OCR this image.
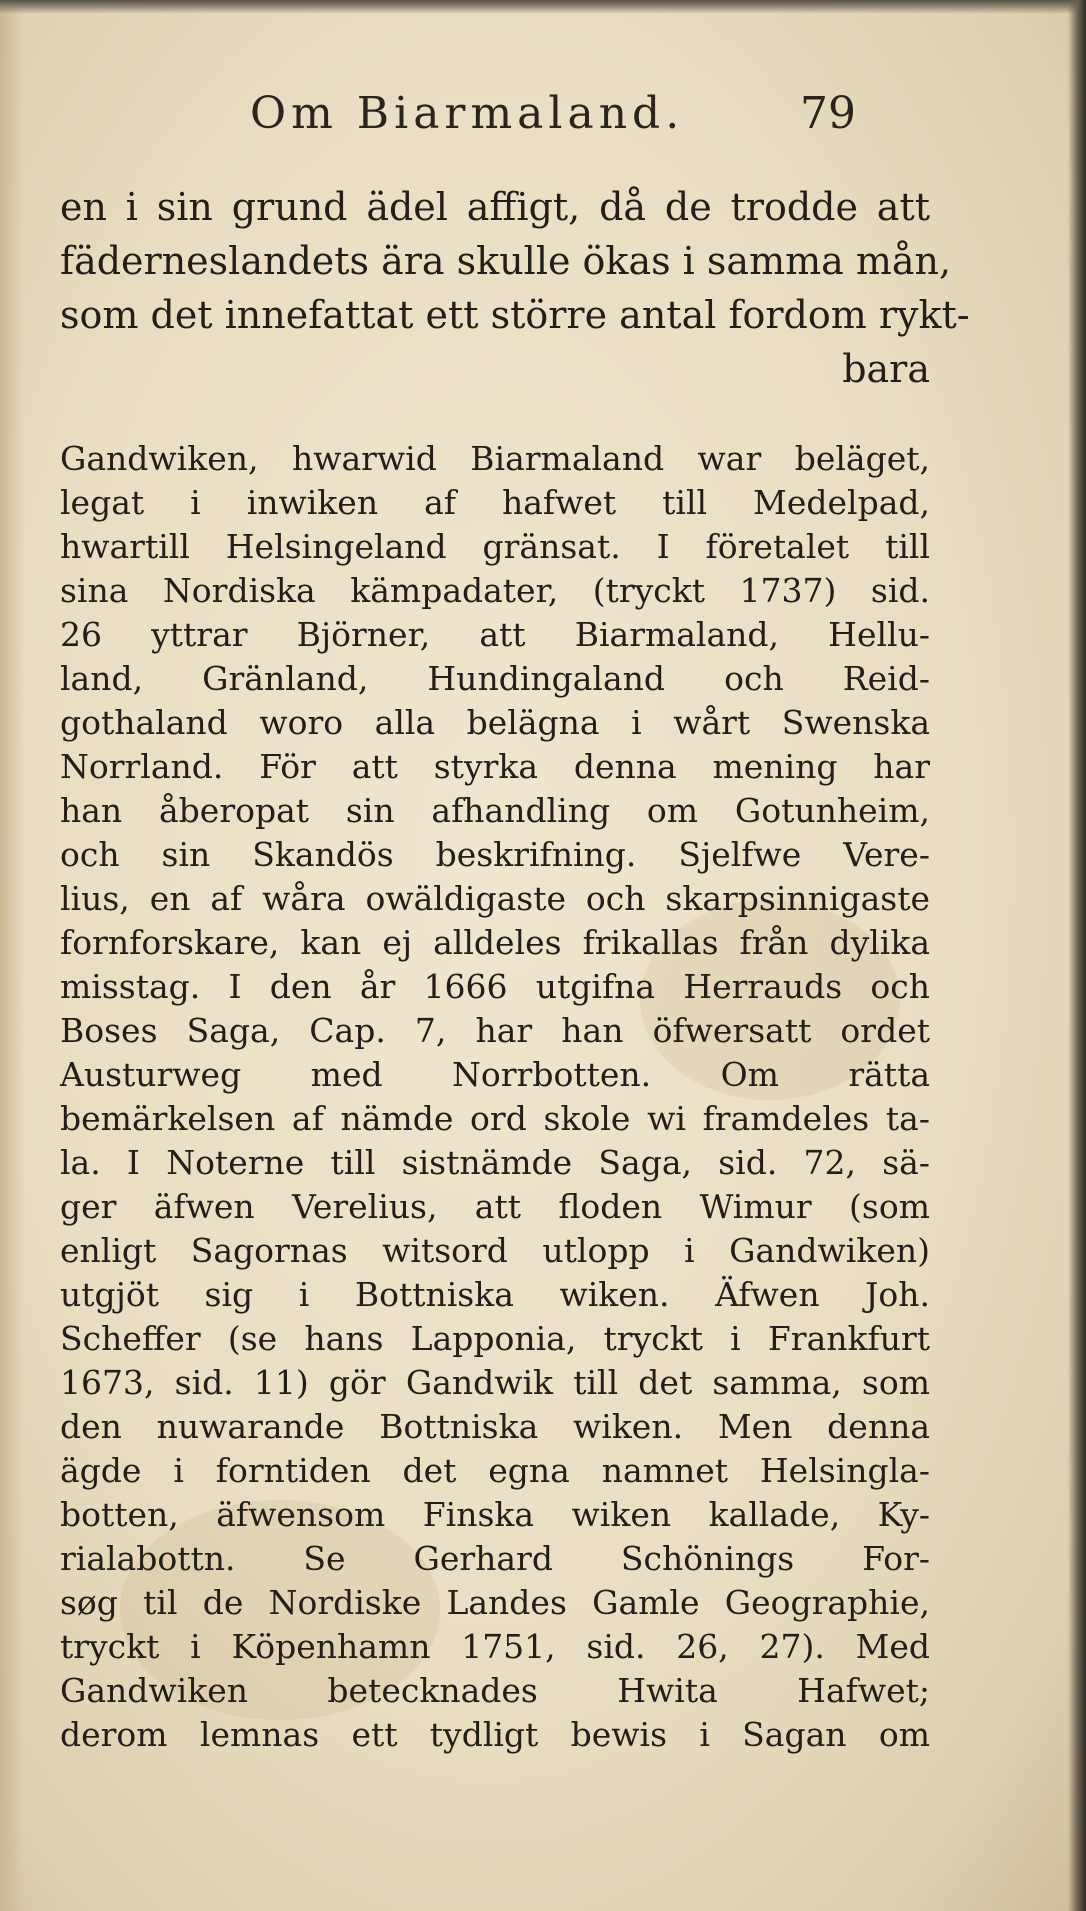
Om Biarmaland.	79
en i sin grund ädel affigt, då de trodde att
fäderneslandets ära skulle ökas i samma mån,
som det innefattat ett större antal fordom rykt-
bara
Gandwiken, hwarwid Biarmaland war beläget,
legat i inwiken af hafwet till Medelpad,
hwartill Helsingeland gränsat. I företalet till
sina Nordiska kämpadater, (tryckt 1737) sid.
26 yttrar Björner, att Biarmaland, Hellu-
land, Gränland, Hundingaland och Reid-
gothaland woro alla belägna i wårt Swenska
Norrland. För att styrka denna mening har
han åberopat sin afhandling om Gotunheim,
och sin Skandös beskrifning. Sjelfwe Vere-
lius, en af wåra owäldigaste och skarpsinnigaste
fornforskare, kan ej alldeles frikallas från dylika
misstag. I den år 1666 utgifna Herrauds och
Boses Saga, Cap. 7, har han öfwersatt ordet
Austurweg med Norrbotten. Om rätta
bemärkelsen af nämde ord skole wi framdeles ta-
la. I Noterne till sistnämde Saga, sid. 72, sä-
ger äfwen Verelius, att floden Wimur (som
enligt Sagornas witsord utlopp i Gandwiken)
utgjöt sig i Bottniska wiken. Äfwen Joh.
Scheffer (se hans Lapponia, tryckt i Frankfurt
1673, sid. 11) gör Gandwik till det samma, som
den nuwarande Bottniska wiken. Men denna
ägde i forntiden det egna namnet Helsingla-
botten, äfwensom Finska wiken kallade, Ky-
rialabottn. Se Gerhard Schönings For-
søg til de Nordiske Landes Gamle Geographie,
tryckt i Köpenhamn 1751, sid. 26, 27). Med
Gandwiken betecknades Hwita Hafwet;
derom lemnas ett tydligt bewis i Sagan om
